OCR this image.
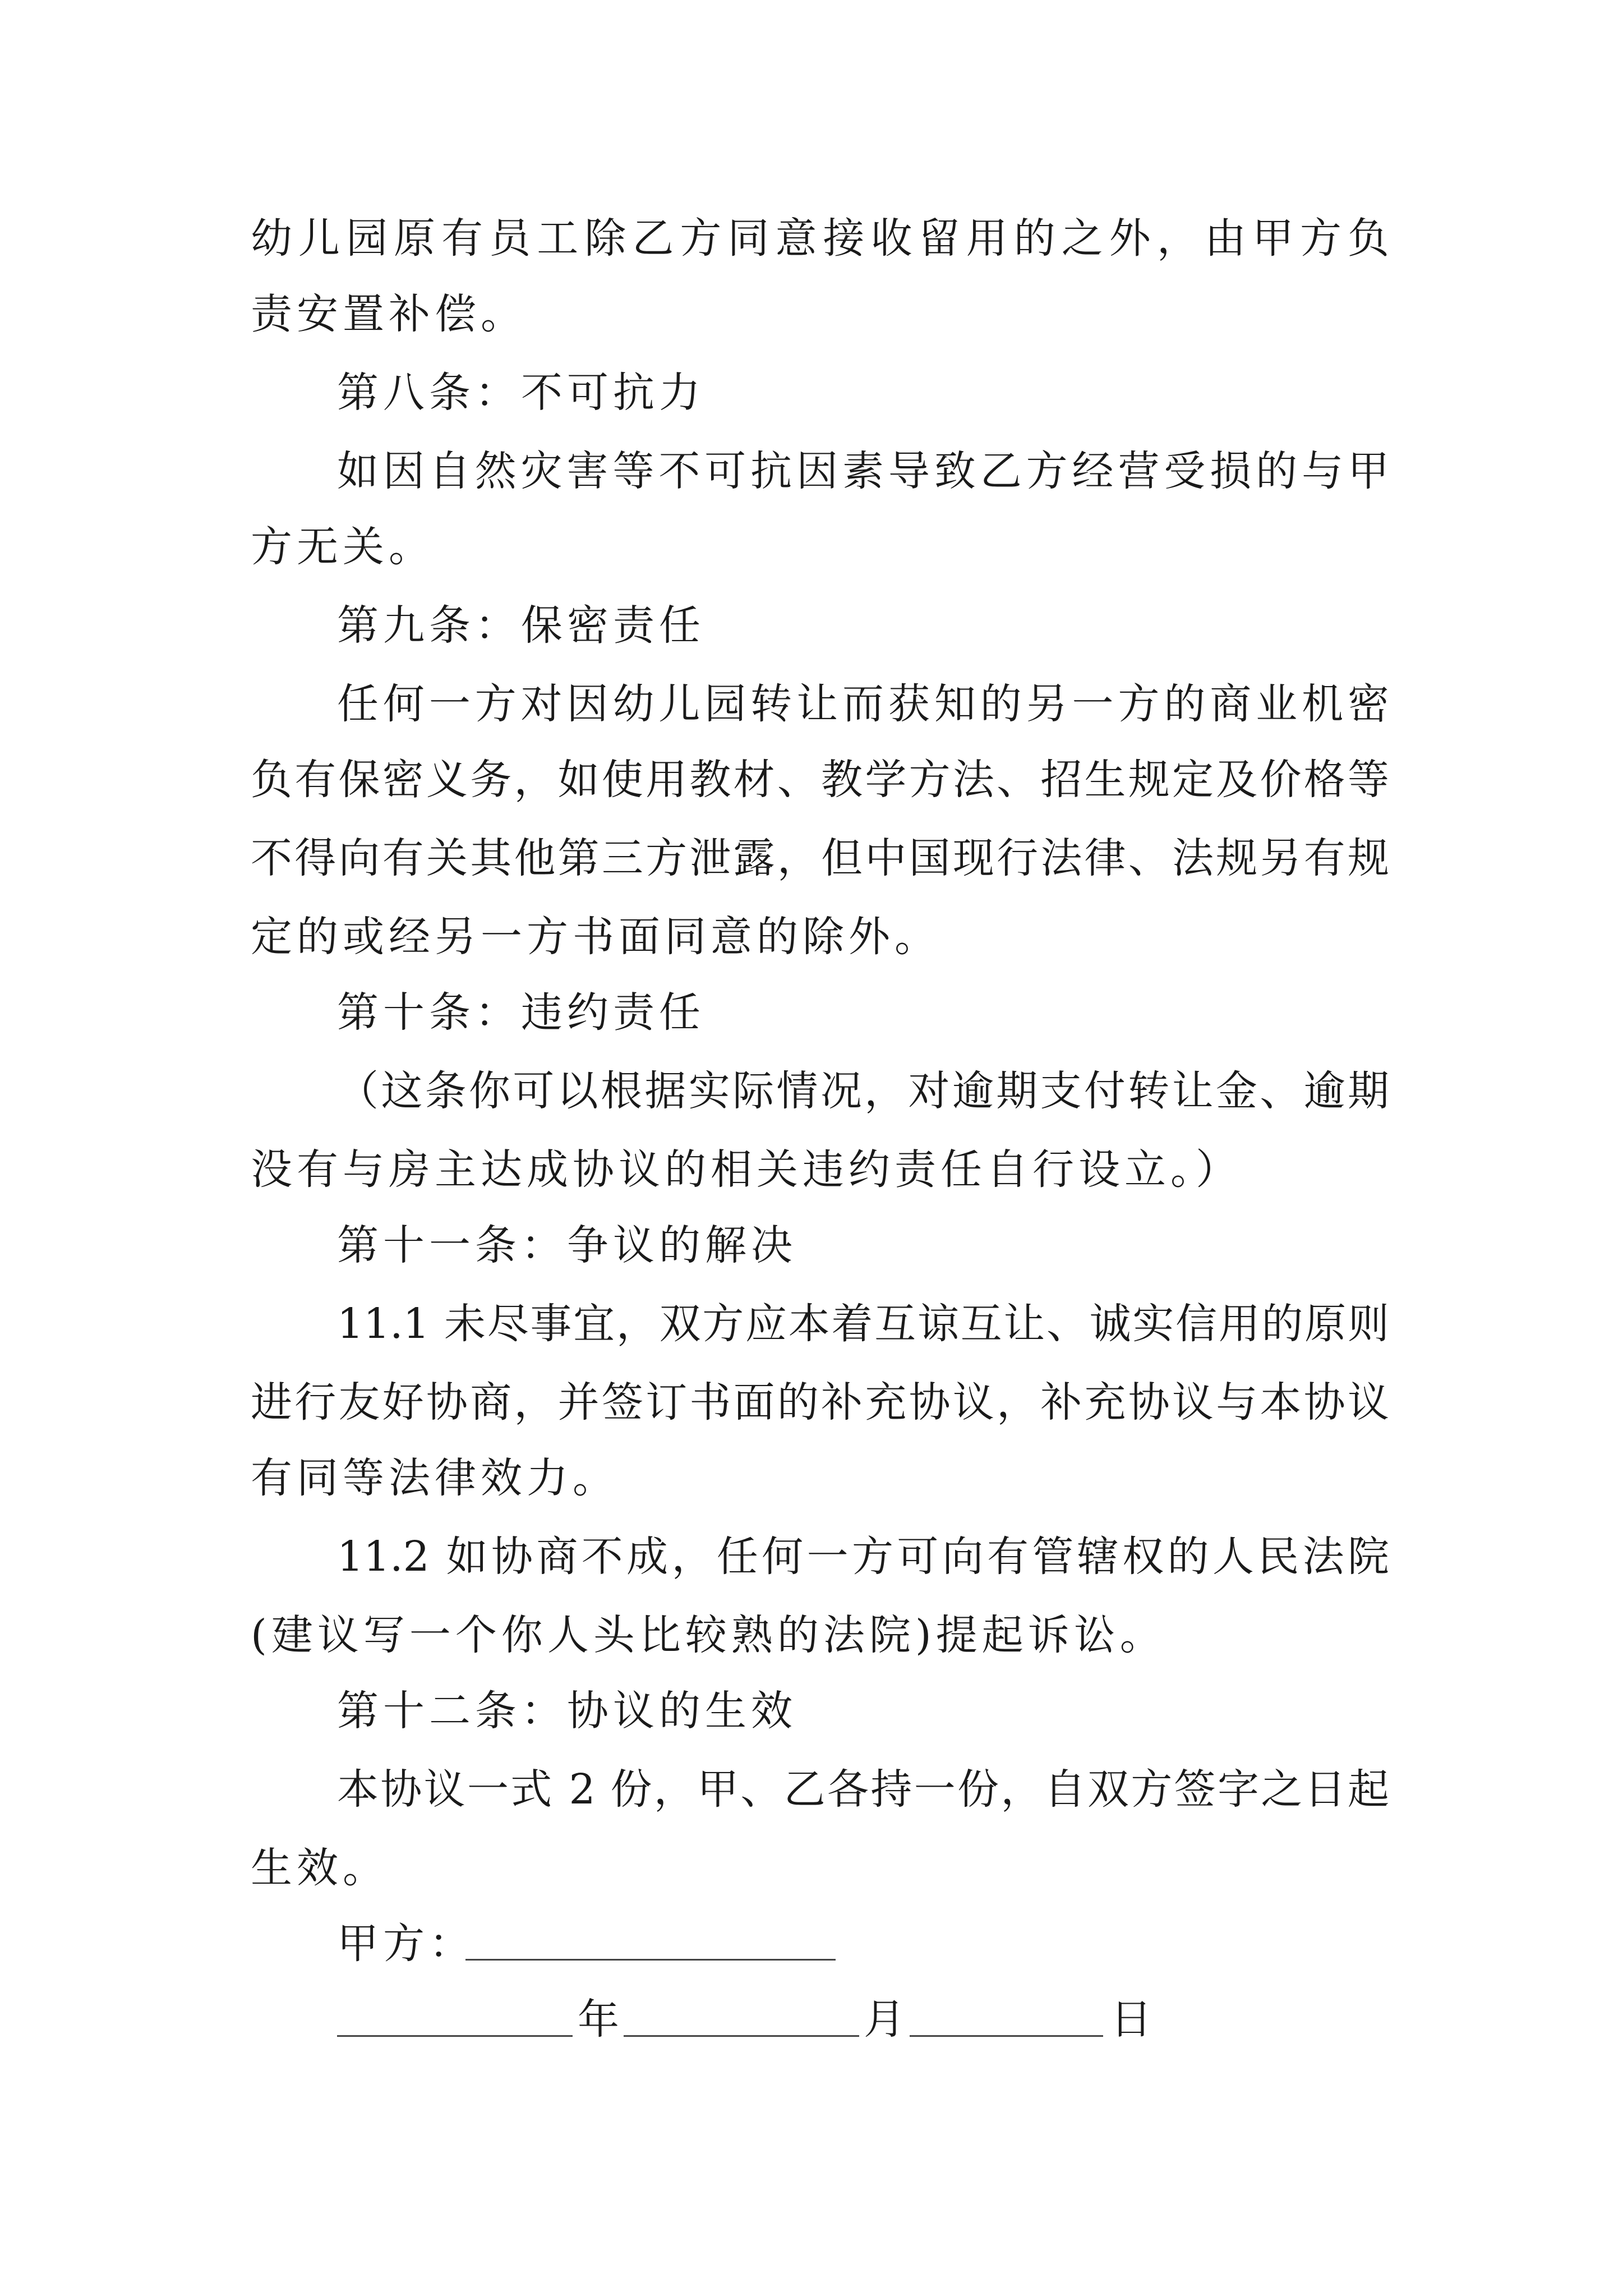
幼儿园原有员工除乙方同意接收留用的之外，由甲方负
责安置补偿。
第八条：不可抗力
如因自然灾害等不可抗因素导致乙方经营受损的与甲
方无关。
第九条：保密责任
任何一方对因幼儿园转让而获知的另一方的商业机密
负有保密义务，如使用教材、教学方法、招生规定及价格等
不得向有关其他第三方泄露，但中国现行法律、法规另有规
定的或经另一方书面同意的除外。
第十条：违约责任
（这条你可以根据实际情况，对逾期支付转让金、逾期
没有与房主达成协议的相关违约责任自行设立。）
第十一条：争议的解决
11.1 未尽事宜，双方应本着互谅互让、诚实信用的原则
进行友好协商，并签订书面的补充协议，补充协议与本协议
有同等法律效力。
11.2 如协商不成，任何一方可向有管辖权的人民法院
(建议写一个你人头比较熟的法院)提起诉讼。
第十二条：协议的生效
本协议一式 2 份，甲、乙各持一份，自双方签字之日起
生效。
甲方：
年	月	日
